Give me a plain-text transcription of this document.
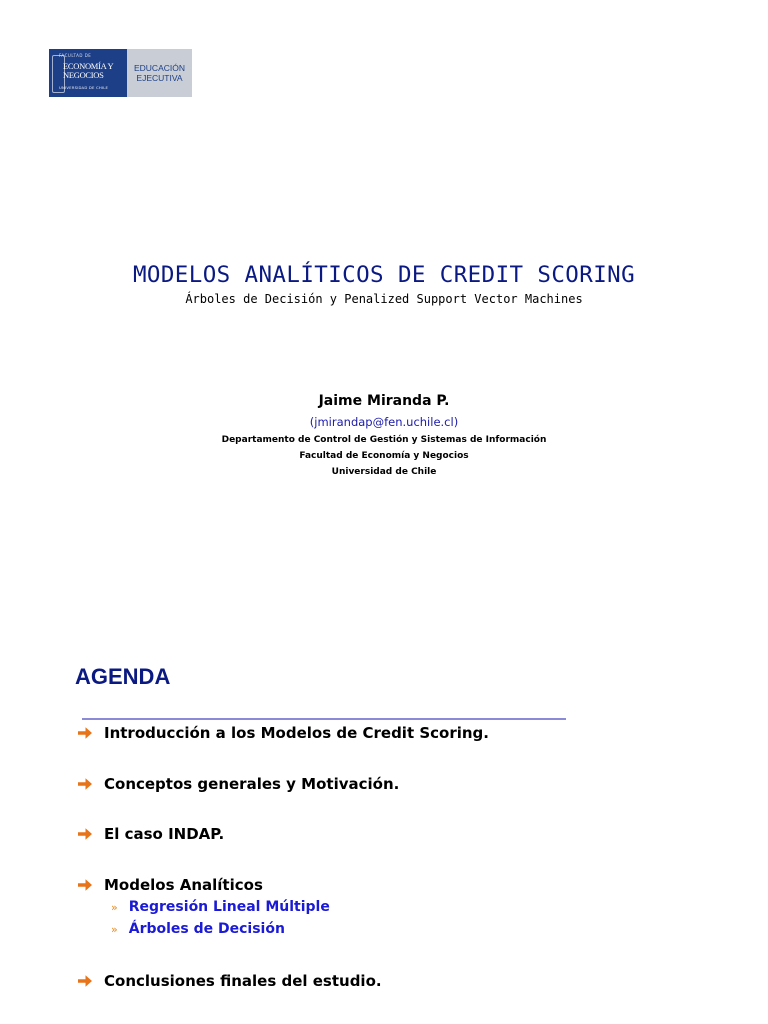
FACULTAD DE
ECONOMÍA Y
NEGOCIOS
UNIVERSIDAD DE CHILE
EDUCACIÓN
EJECUTIVA
MODELOS ANALÍTICOS DE CREDIT SCORING
Árboles de Decisión y Penalized Support Vector Machines
Jaime Miranda P.
(jmirandap@fen.uchile.cl)
Departamento de Control de Gestión y Sistemas de Información
Facultad de Economía y Negocios
Universidad de Chile
AGENDA
Introducción a los Modelos de Credit Scoring.
Conceptos generales y Motivación.
El caso INDAP.
Modelos Analíticos
» Regresión Lineal Múltiple
» Árboles de Decisión
Conclusiones finales del estudio.
